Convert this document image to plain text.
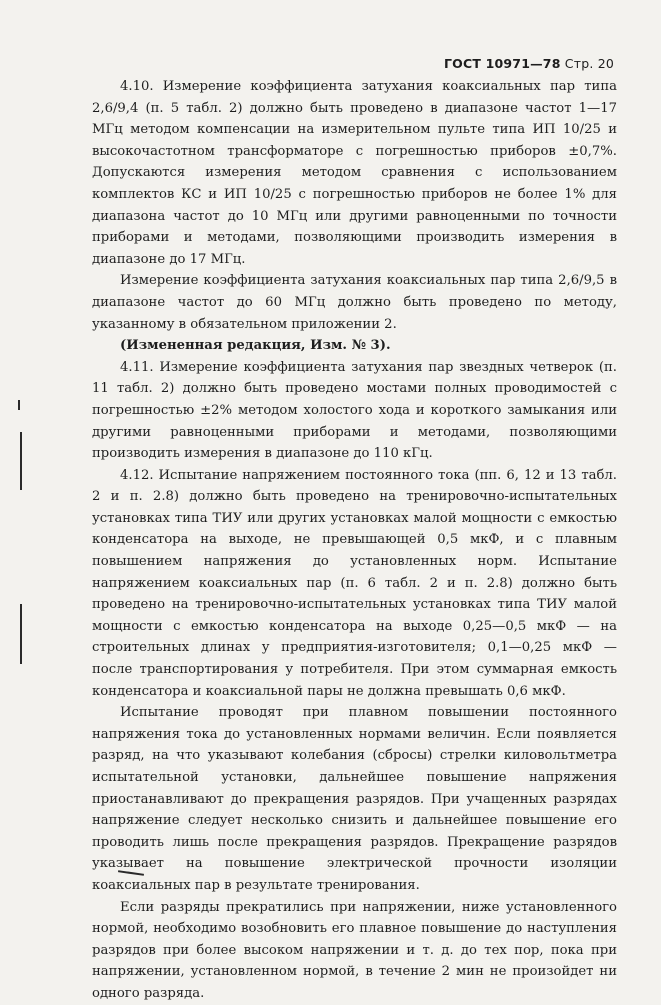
ГОСТ 10971—78 Стр. 20

4.10. Измерение коэффициента затухания коаксиальных пар типа 2,6/9,4 (п. 5 табл. 2) должно быть проведено в диапазоне частот 1—17 МГц методом компенсации на измерительном пульте типа ИП 10/25 и высокочастотном трансформаторе с погрешностью приборов ±0,7%. Допускаются измерения методом сравнения с использованием комплектов КС и ИП 10/25 с погрешностью приборов не более 1% для диапазона частот до 10 МГц или другими равноценными по точности приборами и методами, позволяющими производить измерения в диапазоне до 17 МГц.

Измерение коэффициента затухания коаксиальных пар типа 2,6/9,5 в диапазоне частот до 60 МГц должно быть проведено по методу, указанному в обязательном приложении 2.

(Измененная редакция, Изм. № 3).

4.11. Измерение коэффициента затухания пар звездных четверок (п. 11 табл. 2) должно быть проведено мостами полных проводимостей с погрешностью ±2% методом холостого хода и короткого замыкания или другими равноценными приборами и методами, позволяющими производить измерения в диапазоне до 110 кГц.

4.12. Испытание напряжением постоянного тока (пп. 6, 12 и 13 табл. 2 и п. 2.8) должно быть проведено на тренировочно-испытательных установках типа ТИУ или других установках малой мощности с емкостью конденсатора на выходе, не превышающей 0,5 мкФ, и с плавным повышением напряжения до установленных норм. Испытание напряжением коаксиальных пар (п. 6 табл. 2 и п. 2.8) должно быть проведено на тренировочно-испытательных установках типа ТИУ малой мощности с емкостью конденсатора на выходе 0,25—0,5 мкФ — на строительных длинах у предприятия-изготовителя; 0,1—0,25 мкФ — после транспортирования у потребителя. При этом суммарная емкость конденсатора и коаксиальной пары не должна превышать 0,6 мкФ.

Испытание проводят при плавном повышении постоянного напряжения тока до установленных нормами величин. Если появляется разряд, на что указывают колебания (сбросы) стрелки киловольтметра испытательной установки, дальнейшее повышение напряжения приостанавливают до прекращения разрядов. При учащенных разрядах напряжение следует несколько снизить и дальнейшее повышение его проводить лишь после прекращения разрядов. Прекращение разрядов указывает на повышение электрической прочности изоляции коаксиальных пар в результате тренирования.

Если разряды прекратились при напряжении, ниже установленного нормой, необходимо возобновить его плавное повышение до наступления разрядов при более высоком напряжении и т. д. до тех пор, пока при напряжении, установленном нормой, в течение 2 мин не произойдет ни одного разряда.
